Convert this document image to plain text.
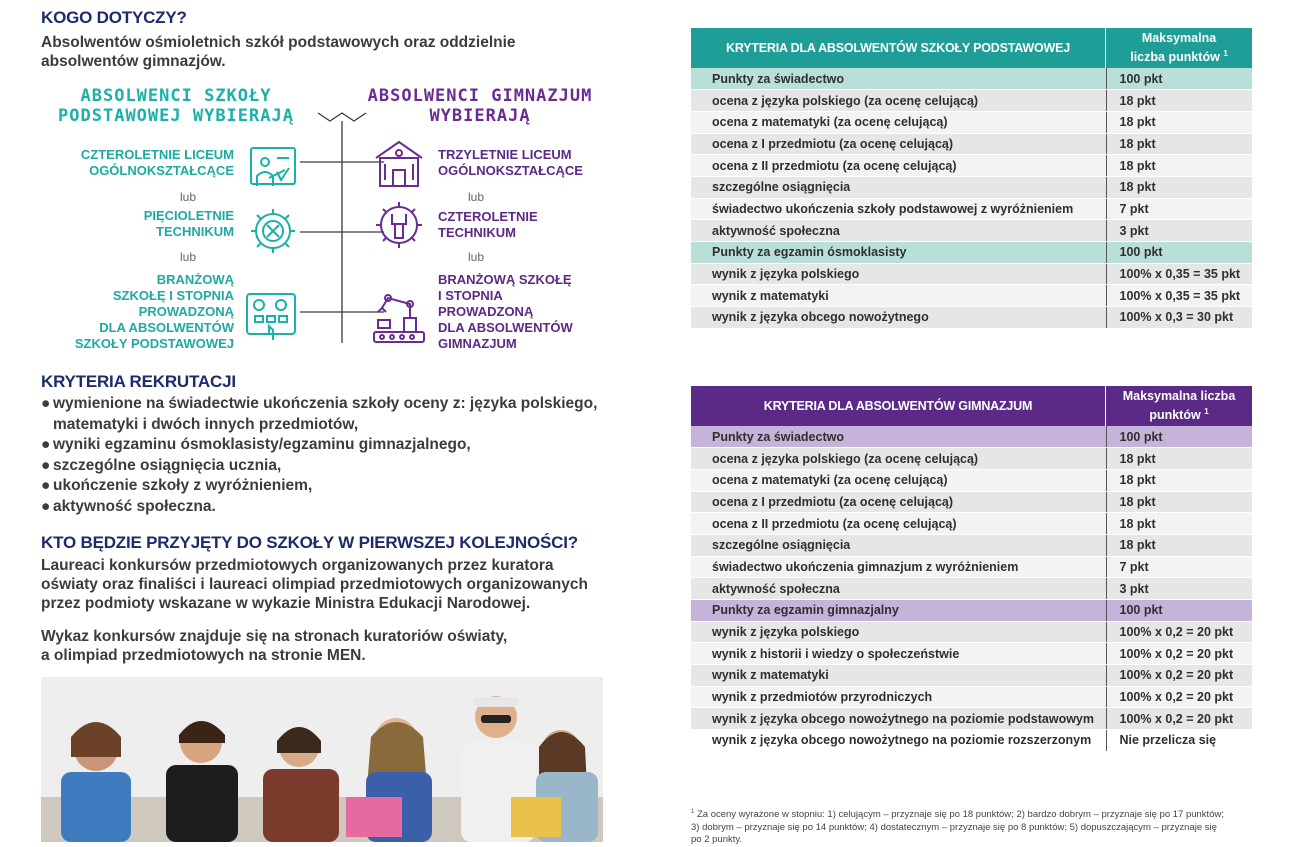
KOGO DOTYCZY?
Absolwentów ośmioletnich szkół podstawowych oraz oddzielnie
absolwentów gimnazjów.
ABSOLWENCI SZKOŁY
PODSTAWOWEJ WYBIERAJĄ
ABSOLWENCI GIMNAZJUM
WYBIERAJĄ
CZTEROLETNIE LICEUM
OGÓLNOKSZTAŁCĄCE
lub
PIĘCIOLETNIE
TECHNIKUM
lub
BRANŻOWĄ
SZKOŁĘ I STOPNIA
PROWADZONĄ
DLA ABSOLWENTÓW
SZKOŁY PODSTAWOWEJ
TRZYLETNIE LICEUM
OGÓLNOKSZTAŁCĄCE
lub
CZTEROLETNIE
TECHNIKUM
lub
BRANŻOWĄ SZKOŁĘ
I STOPNIA
PROWADZONĄ
DLA ABSOLWENTÓW
GIMNAZJUM
KRYTERIA REKRUTACJI
● wymienione na świadectwie ukończenia szkoły oceny z: języka polskiego,
matematyki i dwóch innych przedmiotów,
● wyniki egzaminu ósmoklasisty/egzaminu gimnazjalnego,
● szczególne osiągnięcia ucznia,
● ukończenie szkoły z wyróżnieniem,
● aktywność społeczna.
KTO BĘDZIE PRZYJĘTY DO SZKOŁY W PIERWSZEJ KOLEJNOŚCI?
Laureaci konkursów przedmiotowych organizowanych przez kuratora
oświaty oraz finaliści i laureaci olimpiad przedmiotowych organizowanych
przez podmioty wskazane w wykazie Ministra Edukacji Narodowej.
Wykaz konkursów znajduje się na stronach kuratoriów oświaty,
a olimpiad przedmiotowych na stronie MEN.
KRYTERIA DLA ABSOLWENTÓW SZKOŁY PODSTAWOWEJ
Maksymalna
liczba punktów $^1$
Punkty za świadectwo	100 pkt
ocena z języka polskiego (za ocenę celującą)	18 pkt
ocena z matematyki (za ocenę celującą)	18 pkt
ocena z I przedmiotu (za ocenę celującą)	18 pkt
ocena z II przedmiotu (za ocenę celującą)	18 pkt
szczególne osiągnięcia	18 pkt
świadectwo ukończenia szkoły podstawowej z wyróżnieniem	7 pkt
aktywność społeczna	3 pkt
Punkty za egzamin ósmoklasisty	100 pkt
wynik z języka polskiego	100% x 0,35 = 35 pkt
wynik z matematyki	100% x 0,35 = 35 pkt
wynik z języka obcego nowożytnego	100% x 0,3 = 30 pkt
KRYTERIA DLA ABSOLWENTÓW GIMNAZJUM
Maksymalna liczba
punktów $^1$
Punkty za świadectwo	100 pkt
ocena z języka polskiego (za ocenę celującą)	18 pkt
ocena z matematyki (za ocenę celującą)	18 pkt
ocena z I przedmiotu (za ocenę celującą)	18 pkt
ocena z II przedmiotu (za ocenę celującą)	18 pkt
szczególne osiągnięcia	18 pkt
świadectwo ukończenia gimnazjum z wyróżnieniem	7 pkt
aktywność społeczna	3 pkt
Punkty za egzamin gimnazjalny	100 pkt
wynik z języka polskiego	100% x 0,2 = 20 pkt
wynik z historii i wiedzy o społeczeństwie	100% x 0,2 = 20 pkt
wynik z matematyki	100% x 0,2 = 20 pkt
wynik z przedmiotów przyrodniczych	100% x 0,2 = 20 pkt
wynik z języka obcego nowożytnego na poziomie podstawowym	100% x 0,2 = 20 pkt
wynik z języka obcego nowożytnego na poziomie rozszerzonym	Nie przelicza się
$^1$ Za oceny wyrażone w stopniu: 1) celującym – przyznaje się po 18 punktów; 2) bardzo dobrym – przyznaje się po 17 punktów;
3) dobrym – przyznaje się po 14 punktów; 4) dostatecznym – przyznaje się po 8 punktów; 5) dopuszczającym – przyznaje się
po 2 punkty.
